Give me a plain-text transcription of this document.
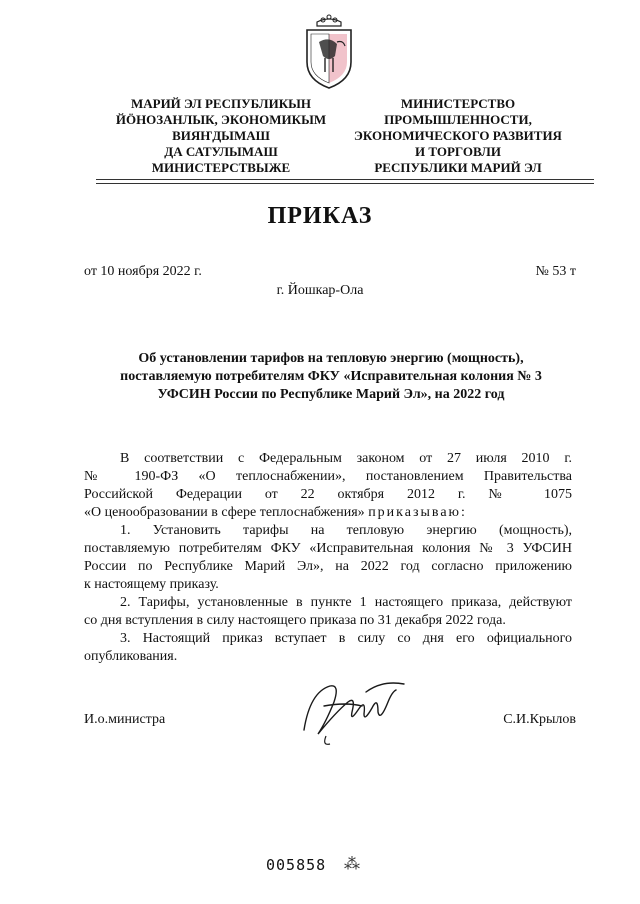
МАРИЙ ЭЛ РЕСПУБЛИКЫН
ЙӦНОЗАНЛЫК, ЭКОНОМИКЫМ
ВИЯҤДЫМАШ
ДА САТУЛЫМАШ
МИНИСТЕРСТВЫЖЕ
МИНИСТЕРСТВО
ПРОМЫШЛЕННОСТИ,
ЭКОНОМИЧЕСКОГО РАЗВИТИЯ
И ТОРГОВЛИ
РЕСПУБЛИКИ МАРИЙ ЭЛ
ПРИКАЗ
от 10 ноября 2022 г.	№ 53 т
г. Йошкар-Ола
Об установлении тарифов на тепловую энергию (мощность),
поставляемую потребителям ФКУ «Исправительная колония № 3
УФСИН России по Республике Марий Эл», на 2022 год
В соответствии с Федеральным законом от 27 июля 2010 г.
№ 190-ФЗ «О теплоснабжении», постановлением Правительства
Российской Федерации от 22 октября 2012 г. № 1075
«О ценообразовании в сфере теплоснабжения» приказываю:
1. Установить тарифы на тепловую энергию (мощность),
поставляемую потребителям ФКУ «Исправительная колония № 3 УФСИН
России по Республике Марий Эл», на 2022 год согласно приложению
к настоящему приказу.
2. Тарифы, установленные в пункте 1 настоящего приказа, действуют
со дня вступления в силу настоящего приказа по 31 декабря 2022 года.
3. Настоящий приказ вступает в силу со дня его официального
опубликования.
И.о.министра	С.И.Крылов
005858 ⁂
